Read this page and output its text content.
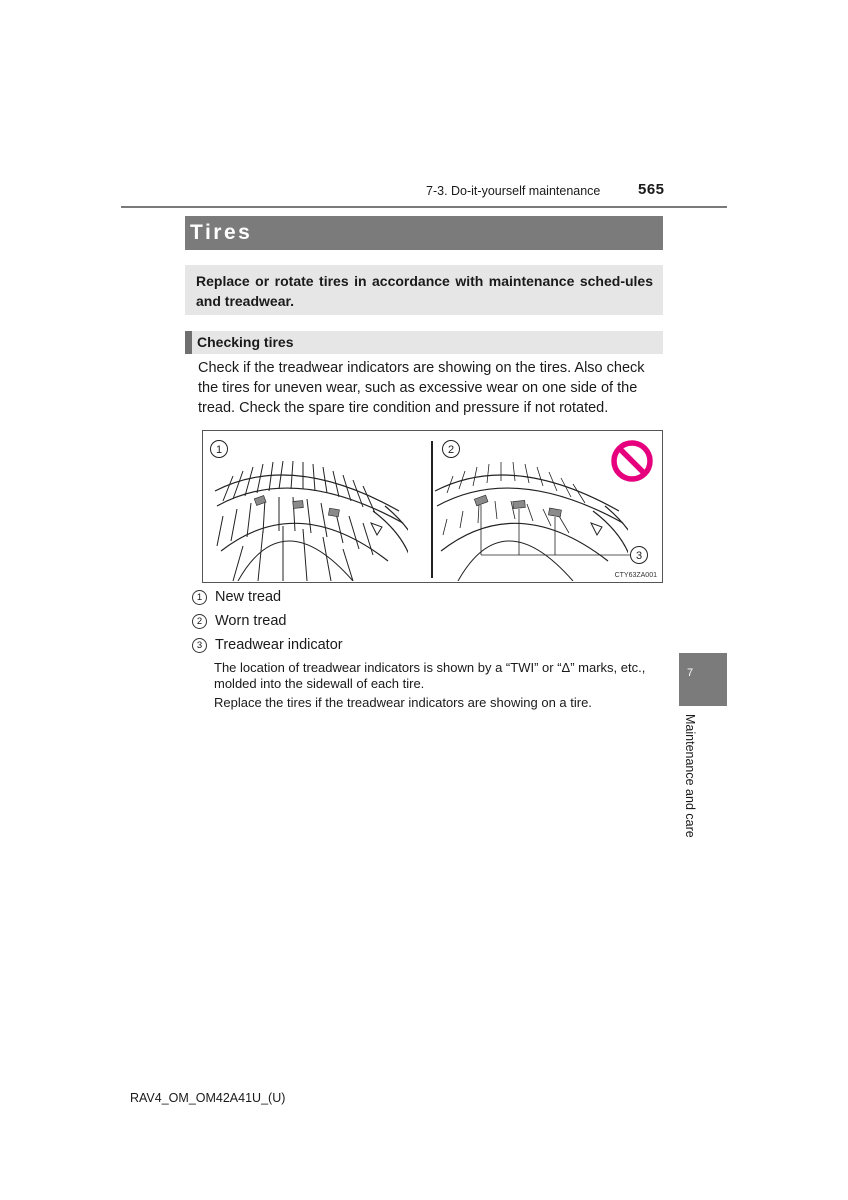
7-3. Do-it-yourself maintenance	565
Tires
Replace or rotate tires in accordance with maintenance sched-ules and treadwear.
Checking tires
Check if the treadwear indicators are showing on the tires. Also check the tires for uneven wear, such as excessive wear on one side of the tread. Check the spare tire condition and pressure if not rotated.
1	2
3
CTY63ZA001
1 New tread
2 Worn tread
3 Treadwear indicator
The location of treadwear indicators is shown by a “TWI” or “Δ” marks, etc., molded into the sidewall of each tire.
Replace the tires if the treadwear indicators are showing on a tire.
7
Maintenance and care
RAV4_OM_OM42A41U_(U)
